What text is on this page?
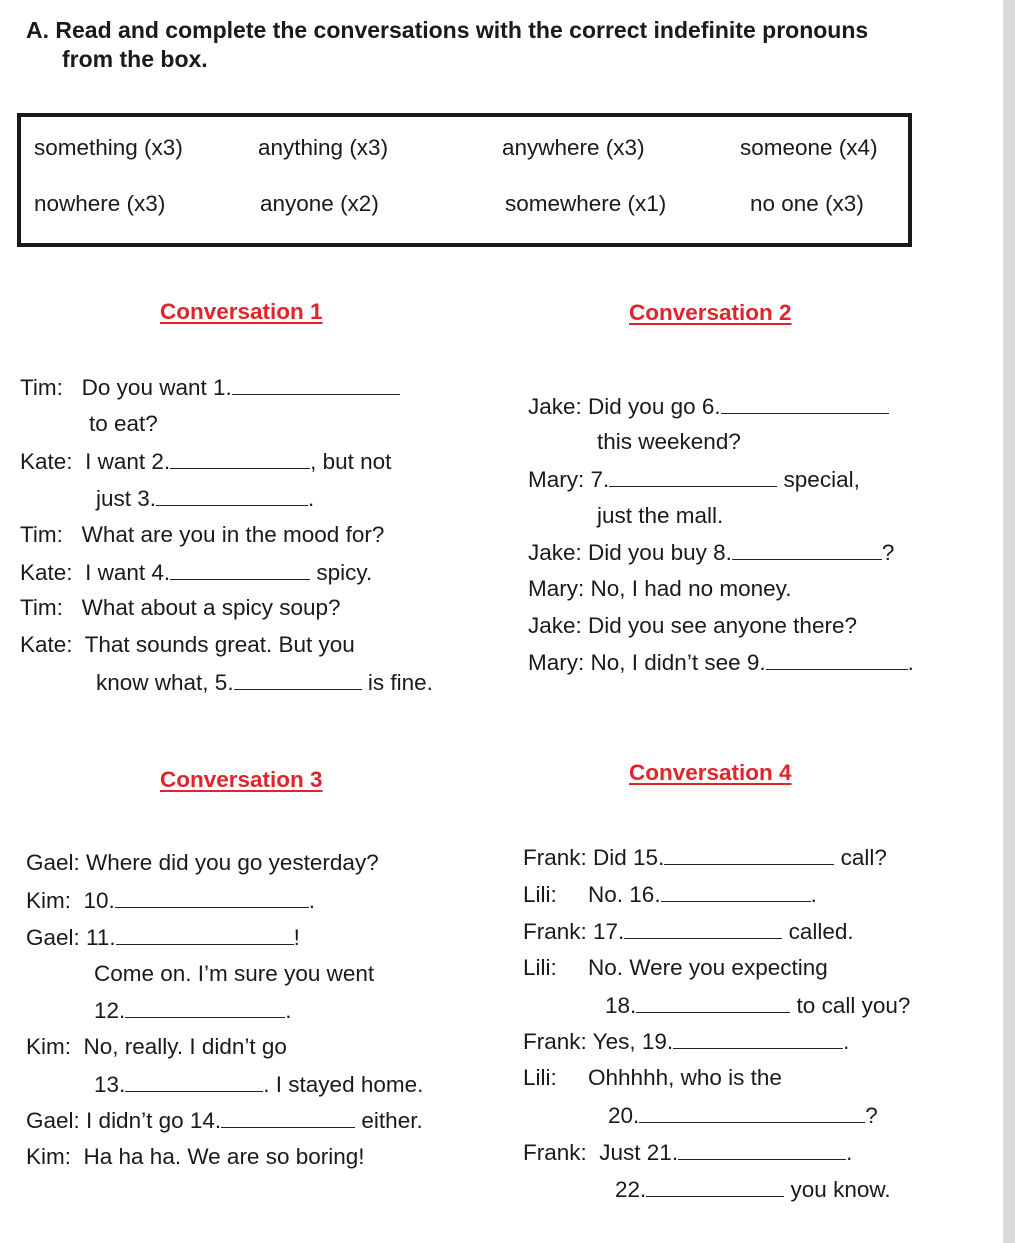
A. Read and complete the conversations with the correct indefinite pronouns
from the box.
something (x3)	anything (x3)	anywhere (x3)	someone (x4)
nowhere (x3)	anyone (x2)	somewhere (x1)	no one (x3)
Conversation 1
Tim: Do you want 1.
to eat?
Kate: I want 2.	, but not
just 3.	.
Tim: What are you in the mood for?
Kate: I want 4.	spicy.
Tim: What about a spicy soup?
Kate: That sounds great. But you
know what, 5.	is fine.
Conversation 2
Jake: Did you go 6.
this weekend?
Mary: 7.	special,
just the mall.
Jake: Did you buy 8.	?
Mary: No, I had no money.
Jake: Did you see anyone there?
Mary: No, I didn’t see 9.	.
Conversation 3
Gael: Where did you go yesterday?
Kim: 10.	.
Gael: 11.	!
Come on. I’m sure you went
12.	.
Kim: No, really. I didn’t go
13.	. I stayed home.
Gael: I didn’t go 14.	either.
Kim: Ha ha ha. We are so boring!
Conversation 4
Frank: Did 15.	call?
Lili: No. 16.	.
Frank: 17.	called.
Lili: No. Were you expecting
18.	to call you?
Frank: Yes, 19.	.
Lili: Ohhhhh, who is the
20.	?
Frank: Just 21.	.
22.	you know.
